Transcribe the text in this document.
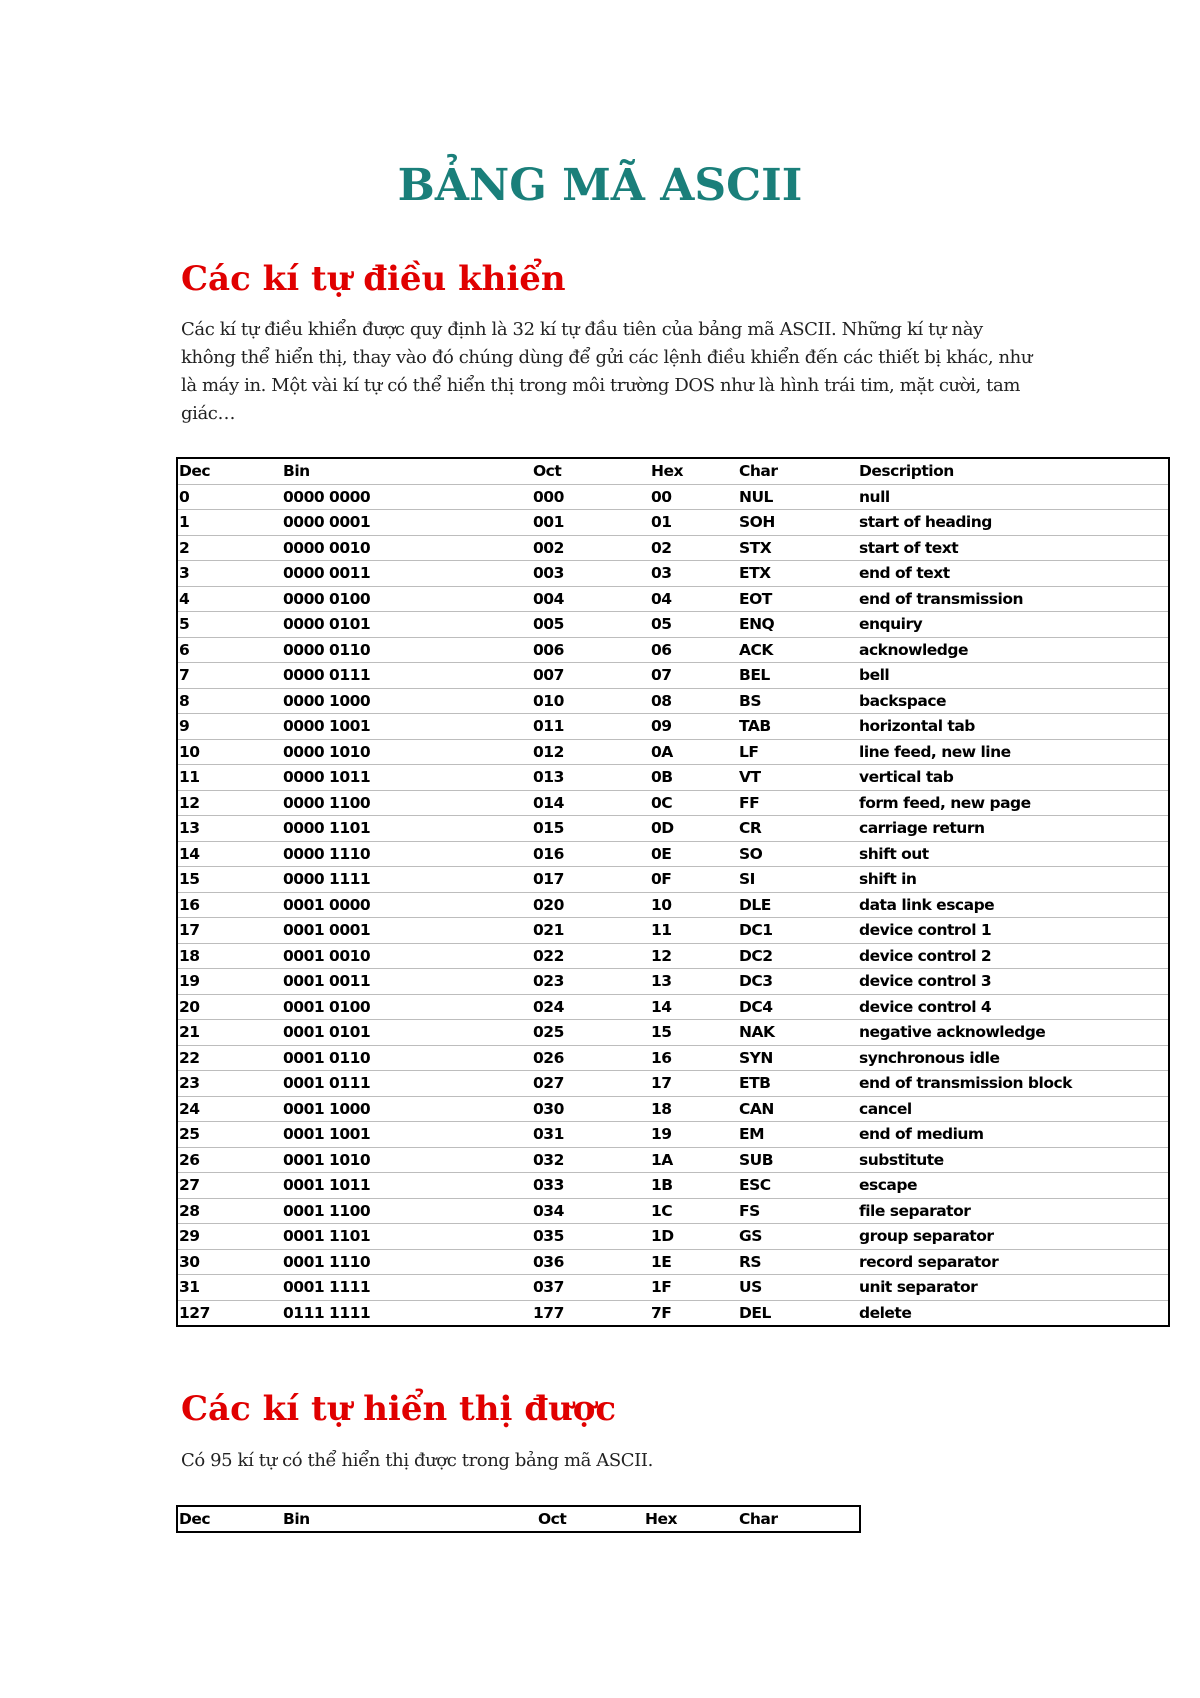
BẢNG MÃ ASCII
Các kí tự điều khiển

Các kí tự điều khiển được quy định là 32 kí tự đầu tiên của bảng mã ASCII. Những kí tự này không thể hiển thị, thay vào đó chúng dùng để gửi các lệnh điều khiển đến các thiết bị khác, như là máy in. Một vài kí tự có thể hiển thị trong môi trường DOS như là hình trái tim, mặt cười, tam giác…

Dec	Bin	Oct	Hex	Char	Description
0	0000 0000	000	00	NUL	null
1	0000 0001	001	01	SOH	start of heading
2	0000 0010	002	02	STX	start of text
3	0000 0011	003	03	ETX	end of text
4	0000 0100	004	04	EOT	end of transmission
5	0000 0101	005	05	ENQ	enquiry
6	0000 0110	006	06	ACK	acknowledge
7	0000 0111	007	07	BEL	bell
8	0000 1000	010	08	BS	backspace
9	0000 1001	011	09	TAB	horizontal tab
10	0000 1010	012	0A	LF	line feed, new line
11	0000 1011	013	0B	VT	vertical tab
12	0000 1100	014	0C	FF	form feed, new page
13	0000 1101	015	0D	CR	carriage return
14	0000 1110	016	0E	SO	shift out
15	0000 1111	017	0F	SI	shift in
16	0001 0000	020	10	DLE	data link escape
17	0001 0001	021	11	DC1	device control 1
18	0001 0010	022	12	DC2	device control 2
19	0001 0011	023	13	DC3	device control 3
20	0001 0100	024	14	DC4	device control 4
21	0001 0101	025	15	NAK	negative acknowledge
22	0001 0110	026	16	SYN	synchronous idle
23	0001 0111	027	17	ETB	end of transmission block
24	0001 1000	030	18	CAN	cancel
25	0001 1001	031	19	EM	end of medium
26	0001 1010	032	1A	SUB	substitute
27	0001 1011	033	1B	ESC	escape
28	0001 1100	034	1C	FS	file separator
29	0001 1101	035	1D	GS	group separator
30	0001 1110	036	1E	RS	record separator
31	0001 1111	037	1F	US	unit separator
127	0111 1111	177	7F	DEL	delete
Các kí tự hiển thị được

Có 95 kí tự có thể hiển thị được trong bảng mã ASCII.

Dec	Bin	Oct	Hex	Char
